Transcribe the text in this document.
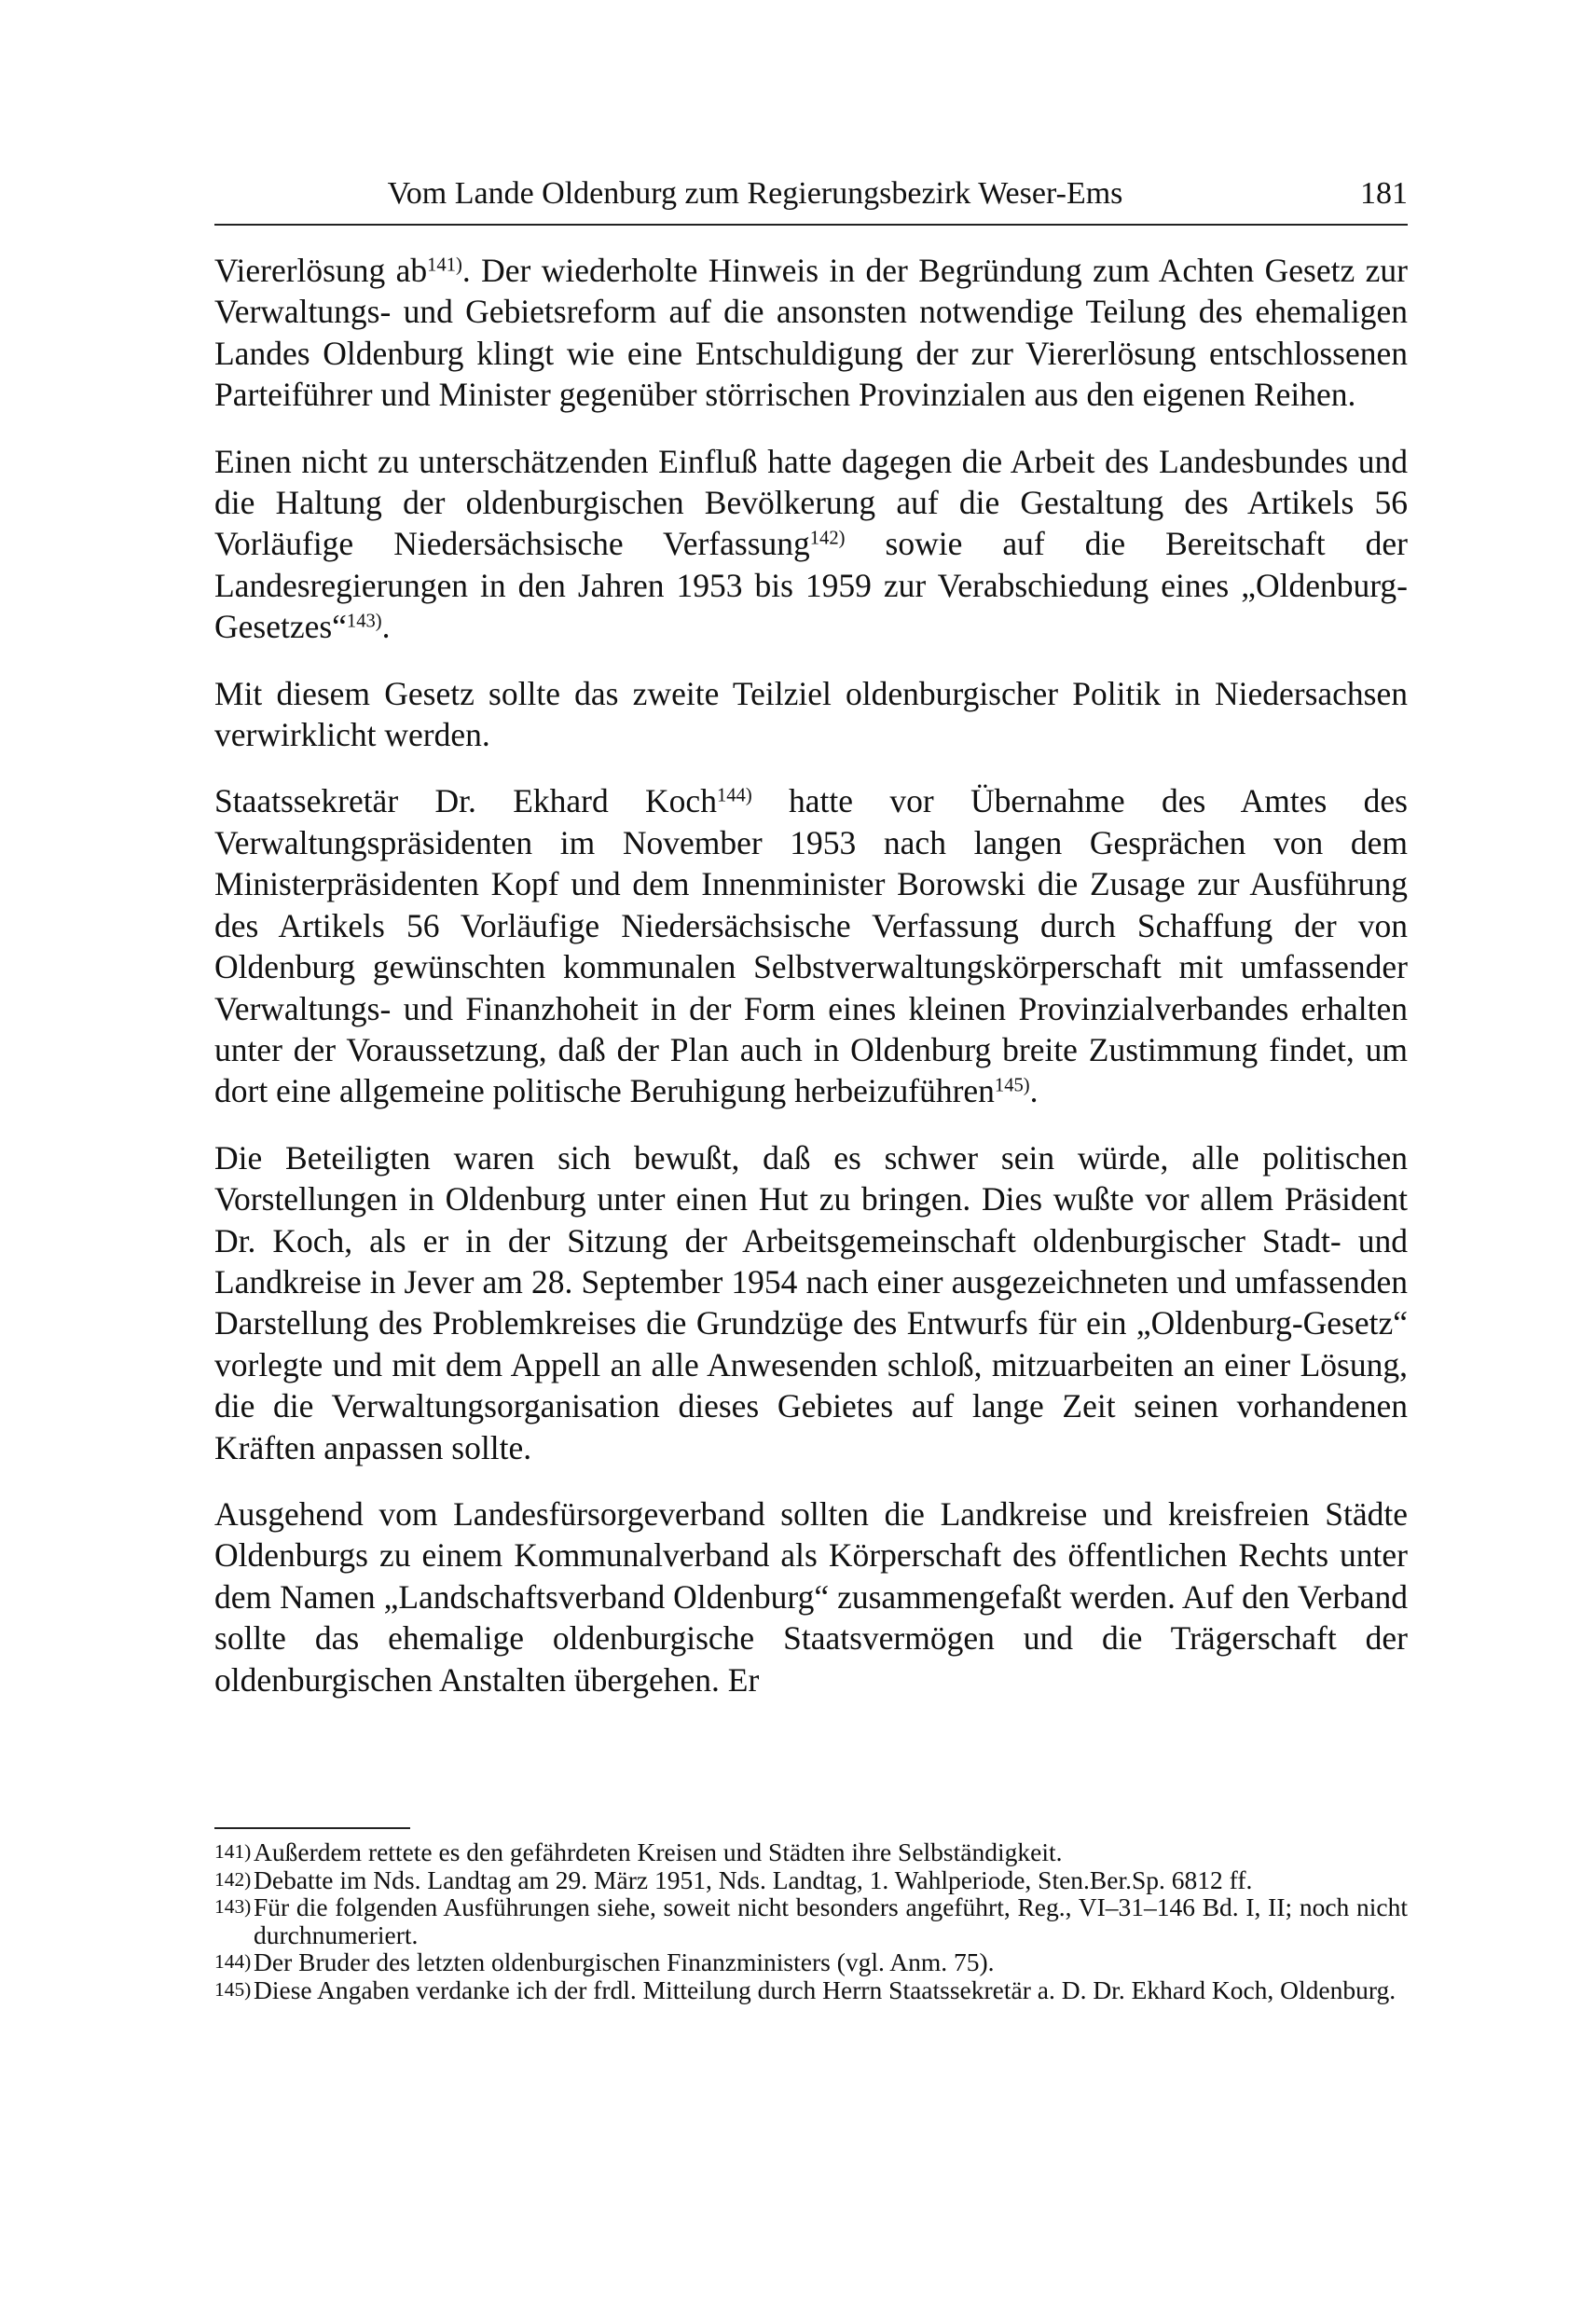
Vom Lande Oldenburg zum Regierungsbezirk Weser-Ems	181

Viererlösung ab$^{141)}$. Der wiederholte Hinweis in der Begründung zum Achten Gesetz zur Verwaltungs- und Gebietsreform auf die ansonsten notwendige Teilung des ehemaligen Landes Oldenburg klingt wie eine Entschuldigung der zur Viererlösung entschlossenen Parteiführer und Minister gegenüber störrischen Provinzialen aus den eigenen Reihen.

Einen nicht zu unterschätzenden Einfluß hatte dagegen die Arbeit des Landesbundes und die Haltung der oldenburgischen Bevölkerung auf die Gestaltung des Artikels 56 Vorläufige Niedersächsische Verfassung$^{142)}$ sowie auf die Bereitschaft der Landesregierungen in den Jahren 1953 bis 1959 zur Verabschiedung eines „Oldenburg-Gesetzes“$^{143)}$.

Mit diesem Gesetz sollte das zweite Teilziel oldenburgischer Politik in Niedersachsen verwirklicht werden.

Staatssekretär Dr. Ekhard Koch$^{144)}$ hatte vor Übernahme des Amtes des Verwaltungspräsidenten im November 1953 nach langen Gesprächen von dem Ministerpräsidenten Kopf und dem Innenminister Borowski die Zusage zur Ausführung des Artikels 56 Vorläufige Niedersächsische Verfassung durch Schaffung der von Oldenburg gewünschten kommunalen Selbstverwaltungskörperschaft mit umfassender Verwaltungs- und Finanzhoheit in der Form eines kleinen Provinzialverbandes erhalten unter der Voraussetzung, daß der Plan auch in Oldenburg breite Zustimmung findet, um dort eine allgemeine politische Beruhigung herbeizuführen$^{145)}$.

Die Beteiligten waren sich bewußt, daß es schwer sein würde, alle politischen Vorstellungen in Oldenburg unter einen Hut zu bringen. Dies wußte vor allem Präsident Dr. Koch, als er in der Sitzung der Arbeitsgemeinschaft oldenburgischer Stadt- und Landkreise in Jever am 28. September 1954 nach einer ausgezeichneten und umfassenden Darstellung des Problemkreises die Grundzüge des Entwurfs für ein „Oldenburg-Gesetz“ vorlegte und mit dem Appell an alle Anwesenden schloß, mitzuarbeiten an einer Lösung, die die Verwaltungsorganisation dieses Gebietes auf lange Zeit seinen vorhandenen Kräften anpassen sollte.

Ausgehend vom Landesfürsorgeverband sollten die Landkreise und kreisfreien Städte Oldenburgs zu einem Kommunalverband als Körperschaft des öffentlichen Rechts unter dem Namen „Landschaftsverband Oldenburg“ zusammengefaßt werden. Auf den Verband sollte das ehemalige oldenburgische Staatsvermögen und die Trägerschaft der oldenburgischen Anstalten übergehen. Er

141) Außerdem rettete es den gefährdeten Kreisen und Städten ihre Selbständigkeit.
142) Debatte im Nds. Landtag am 29. März 1951, Nds. Landtag, 1. Wahlperiode, Sten.Ber.Sp. 6812 ff.
143) Für die folgenden Ausführungen siehe, soweit nicht besonders angeführt, Reg., VI–31–146 Bd. I, II; noch nicht durchnumeriert.
144) Der Bruder des letzten oldenburgischen Finanzministers (vgl. Anm. 75).
145) Diese Angaben verdanke ich der frdl. Mitteilung durch Herrn Staatssekretär a. D. Dr. Ekhard Koch, Oldenburg.
